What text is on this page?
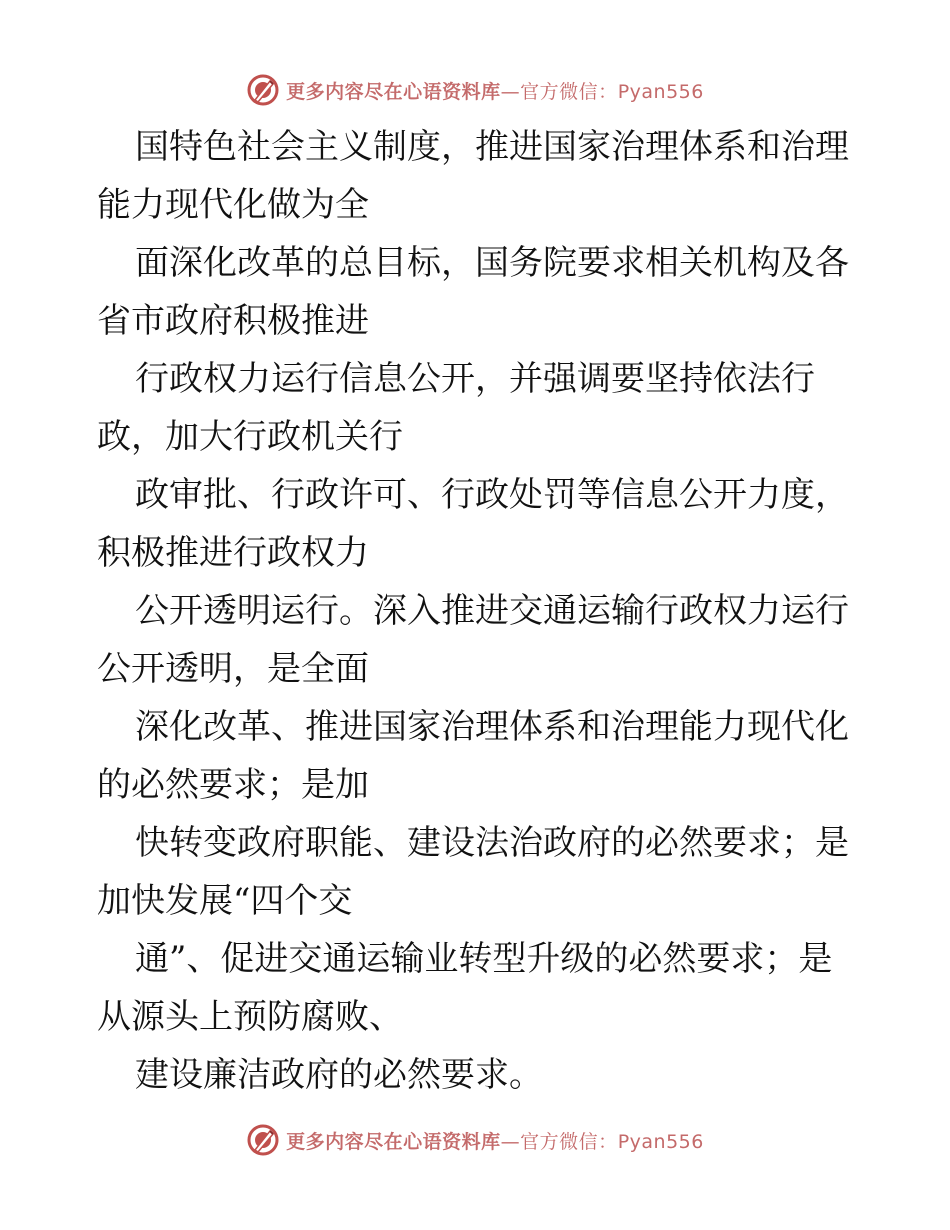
更多内容尽在心语资料库—官方微信：Pyan556

国特色社会主义制度，推进国家治理体系和治理
能力现代化做为全

面深化改革的总目标，国务院要求相关机构及各
省市政府积极推进

行政权力运行信息公开，并强调要坚持依法行
政，加大行政机关行

政审批、行政许可、行政处罚等信息公开力度，
积极推进行政权力

公开透明运行。深入推进交通运输行政权力运行
公开透明，是全面

深化改革、推进国家治理体系和治理能力现代化
的必然要求；是加

快转变政府职能、建设法治政府的必然要求；是
加快发展“四个交

通”、促进交通运输业转型升级的必然要求；是
从源头上预防腐败、

建设廉洁政府的必然要求。

更多内容尽在心语资料库—官方微信：Pyan556
